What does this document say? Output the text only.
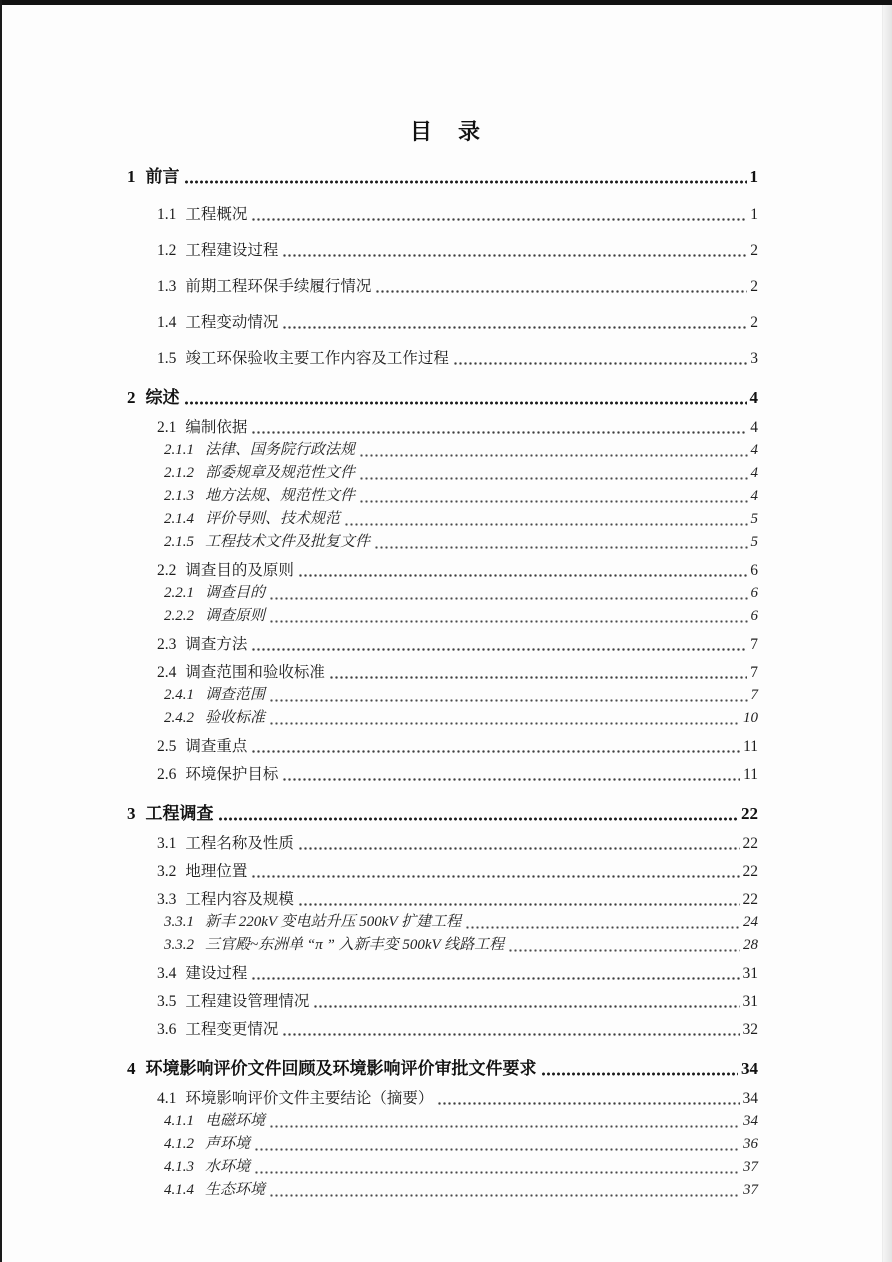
目　录
1 前言	1
1.1 工程概况	1
1.2 工程建设过程	2
1.3 前期工程环保手续履行情况	2
1.4 工程变动情况	2
1.5 竣工环保验收主要工作内容及工作过程	3
2 综述	4
2.1 编制依据	4
2.1.1 法律、国务院行政法规	4
2.1.2 部委规章及规范性文件	4
2.1.3 地方法规、规范性文件	4
2.1.4 评价导则、技术规范	5
2.1.5 工程技术文件及批复文件	5
2.2 调查目的及原则	6
2.2.1 调查目的	6
2.2.2 调查原则	6
2.3 调查方法	7
2.4 调查范围和验收标准	7
2.4.1 调查范围	7
2.4.2 验收标准	10
2.5 调查重点	11
2.6 环境保护目标	11
3 工程调查	22
3.1 工程名称及性质	22
3.2 地理位置	22
3.3 工程内容及规模	22
3.3.1 新丰 220kV 变电站升压 500kV 扩建工程	24
3.3.2 三官殿~东洲单 “π ” 入新丰变 500kV 线路工程	28
3.4 建设过程	31
3.5 工程建设管理情况	31
3.6 工程变更情况	32
4 环境影响评价文件回顾及环境影响评价审批文件要求	34
4.1 环境影响评价文件主要结论（摘要）	34
4.1.1 电磁环境	34
4.1.2 声环境	36
4.1.3 水环境	37
4.1.4 生态环境	37
